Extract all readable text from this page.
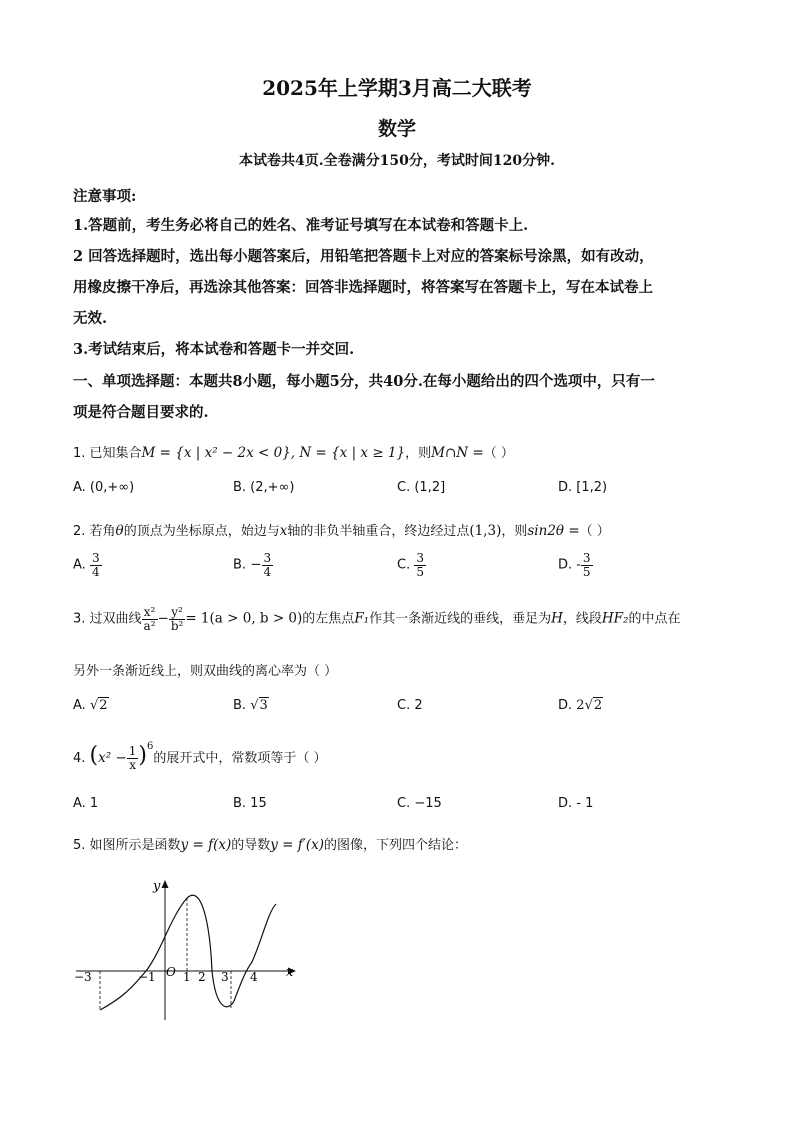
2025年上学期3月高二大联考
数学
本试卷共4页.全卷满分150分，考试时间120分钟.
注意事项:
1.答题前，考生务必将自己的姓名、准考证号填写在本试卷和答题卡上.
2 回答选择题时，选出每小题答案后，用铅笔把答题卡上对应的答案标号涂黑，如有改动，
用橡皮擦干净后，再选涂其他答案：回答非选择题时，将答案写在答题卡上，写在本试卷上
无效.
3.考试结束后，将本试卷和答题卡一并交回.
一、单项选择题：本题共8小题，每小题5分，共40分.在每小题给出的四个选项中，只有一
项是符合题目要求的.
1. 已知集合M = {x | x² − 2x < 0}, N = {x | x ≥ 1}，则M∩N =（ ）
A. (0,+∞)	B. (2,+∞)	C. (1,2]	D. [1,2)
2. 若角θ的顶点为坐标原点，始边与x轴的非负半轴重合，终边经过点(1,3)，则sin2θ =（ ）
A. $\frac{3}{4}$	B. − $\frac{3}{4}$	C. $\frac{3}{5}$	D. - $\frac{3}{5}$
3. 过双曲线 $\frac{\text{x²}}{\text{a²}} - \frac{\text{y²}}{\text{b²}} = 1(a > 0$, b > 0)的左焦点F₁作其一条渐近线的垂线，垂足为H，线段HF₂的中点在
另外一条渐近线上，则双曲线的离心率为（ ）
A. √2	B. √3	C. 2	D. 2√2
4. $(x^2 - \frac{1}{x} )^6$的展开式中，常数项等于（ ）
A. 1	B. 15	C. −15	D. - 1
5. 如图所示是函数y = f(x)的导数y = f′(x)的图像，下列四个结论：
y
x
O
−3	−1 1 2 3 4
